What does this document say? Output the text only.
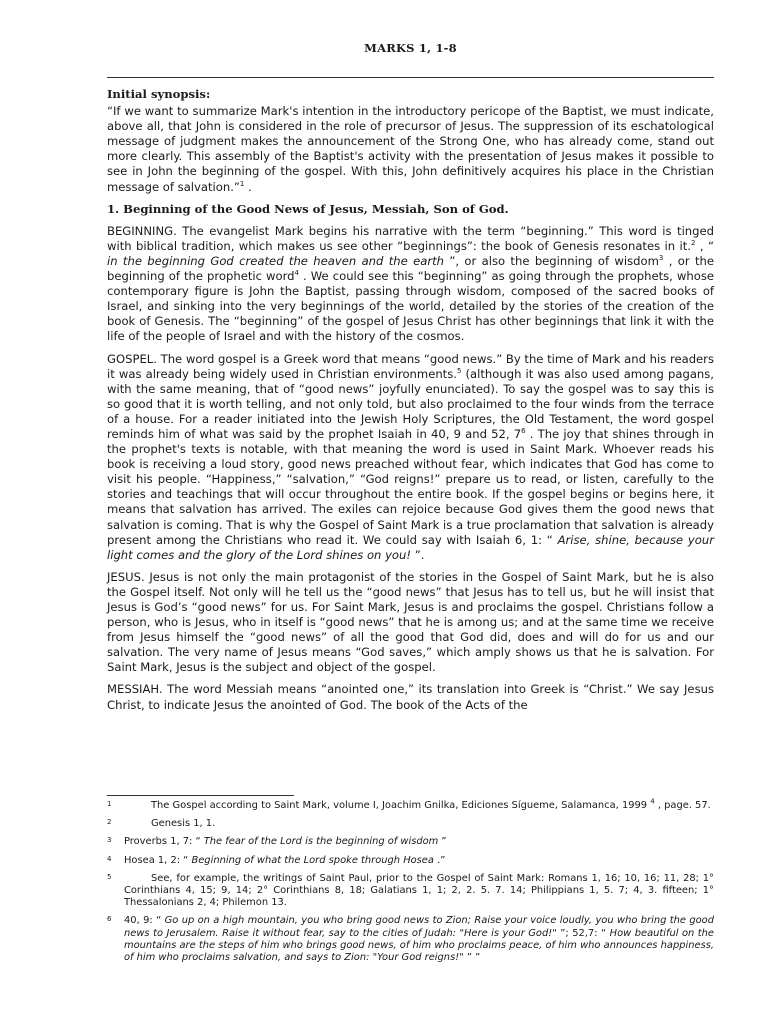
MARKS 1, 1-8
Initial synopsis:

“If we want to summarize Mark's intention in the introductory pericope of the Baptist, we must indicate, above all, that John is considered in the role of precursor of Jesus. The suppression of its eschatological message of judgment makes the announcement of the Strong One, who has already come, stand out more clearly. This assembly of the Baptist's activity with the presentation of Jesus makes it possible to see in John the beginning of the gospel. With this, John definitively acquires his place in the Christian message of salvation.”$^1$ .

1. Beginning of the Good News of Jesus, Messiah, Son of God.

BEGINNING. The evangelist Mark begins his narrative with the term “beginning.” This word is tinged with biblical tradition, which makes us see other “beginnings”: the book of Genesis resonates in it.$^2$ , “ in the beginning God created the heaven and the earth ”, or also the beginning of wisdom$^3$ , or the beginning of the prophetic word$^4$ . We could see this “beginning” as going through the prophets, whose contemporary figure is John the Baptist, passing through wisdom, composed of the sacred books of Israel, and sinking into the very beginnings of the world, detailed by the stories of the creation of the book of Genesis. The “beginning” of the gospel of Jesus Christ has other beginnings that link it with the life of the people of Israel and with the history of the cosmos.

GOSPEL. The word gospel is a Greek word that means “good news.” By the time of Mark and his readers it was already being widely used in Christian environments.$^5$ (although it was also used among pagans, with the same meaning, that of “good news” joyfully enunciated). To say the gospel was to say this is so good that it is worth telling, and not only told, but also proclaimed to the four winds from the terrace of a house. For a reader initiated into the Jewish Holy Scriptures, the Old Testament, the word gospel reminds him of what was said by the prophet Isaiah in 40, 9 and 52, $7^6$ . The joy that shines through in the prophet's texts is notable, with that meaning the word is used in Saint Mark. Whoever reads his book is receiving a loud story, good news preached without fear, which indicates that God has come to visit his people. “Happiness,” “salvation,” “God reigns!” prepare us to read, or listen, carefully to the stories and teachings that will occur throughout the entire book. If the gospel begins or begins here, it means that salvation has arrived. The exiles can rejoice because God gives them the good news that salvation is coming. That is why the Gospel of Saint Mark is a true proclamation that salvation is already present among the Christians who read it. We could say with Isaiah 6, 1: “ Arise, shine, because your light comes and the glory of the Lord shines on you! ”.

JESUS. Jesus is not only the main protagonist of the stories in the Gospel of Saint Mark, but he is also the Gospel itself. Not only will he tell us the “good news” that Jesus has to tell us, but he will insist that Jesus is God’s “good news” for us. For Saint Mark, Jesus is and proclaims the gospel. Christians follow a person, who is Jesus, who in itself is “good news” that he is among us; and at the same time we receive from Jesus himself the “good news” of all the good that God did, does and will do for us and our salvation. The very name of Jesus means “God saves,” which amply shows us that he is salvation. For Saint Mark, Jesus is the subject and object of the gospel.

MESSIAH. The word Messiah means “anointed one,” its translation into Greek is “Christ.” We say Jesus Christ, to indicate Jesus the anointed of God. The book of the Acts of the

1	The Gospel according to Saint Mark, volume I, Joachim Gnilka, Ediciones Sígueme, Salamanca, 1999 $^4$ , page. 57.
2	Genesis 1, 1.
3 Proverbs 1, 7: “ The fear of the Lord is the beginning of wisdom ”
4 Hosea 1, 2: “ Beginning of what the Lord spoke through Hosea .”
5	See, for example, the writings of Saint Paul, prior to the Gospel of Saint Mark: Romans 1, 16; 10, 16; 11, 28; 1° Corinthians 4, 15; 9, 14; 2° Corinthians 8, 18; Galatians 1, 1; 2, 2. 5. 7. 14; Philippians 1, 5. 7; 4, 3. fifteen; 1° Thessalonians 2, 4; Philemon 13.
6 40, 9: “ Go up on a high mountain, you who bring good news to Zion; Raise your voice loudly, you who bring the good news to Jerusalem. Raise it without fear, say to the cities of Judah: "Here is your God!" ”; 52,7: “ How beautiful on the mountains are the steps of him who brings good news, of him who proclaims peace, of him who announces happiness, of him who proclaims salvation, and says to Zion: "Your God reigns!" ” ”
